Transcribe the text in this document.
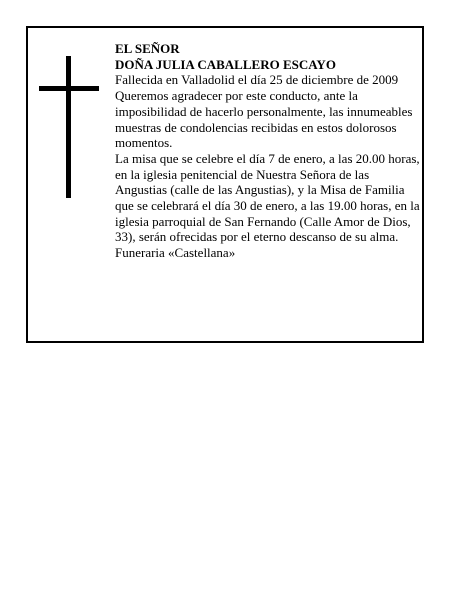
EL SEÑOR

DOÑA JULIA CABALLERO ESCAYO

Fallecida en Valladolid el día 25 de diciembre de 2009

Queremos agradecer por este conducto, ante la imposibilidad de hacerlo personalmente, las innumeables muestras de condolencias recibidas en estos dolorosos momentos.

La misa que se celebre el día 7 de enero, a las 20.00 horas, en la iglesia penitencial de Nuestra Señora de las Angustias (calle de las Angustias), y la Misa de Familia que se celebrará el día 30 de enero, a las 19.00 horas, en la iglesia parroquial de San Fernando (Calle Amor de Dios, 33), serán ofrecidas por el eterno descanso de su alma.

Funeraria «Castellana»
